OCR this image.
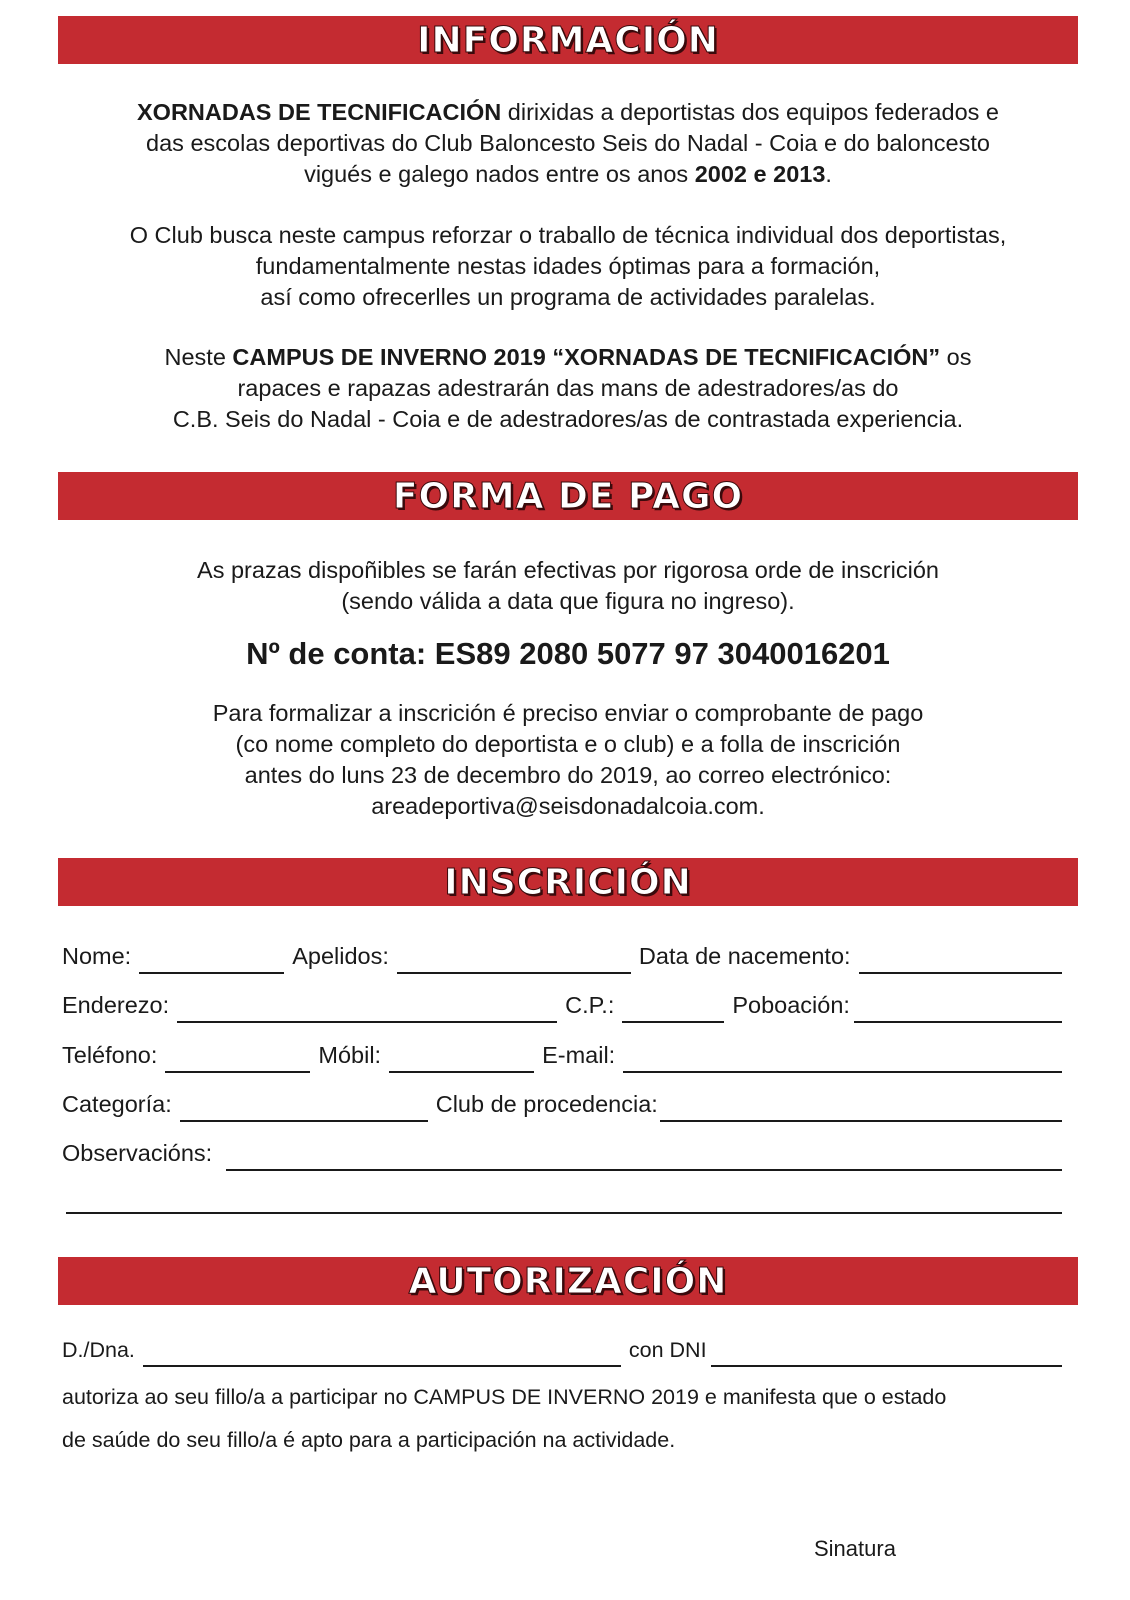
INFORMACIÓN
XORNADAS DE TECNIFICACIÓN dirixidas a deportistas dos equipos federados e
das escolas deportivas do Club Baloncesto Seis do Nadal - Coia e do baloncesto
vigués e galego nados entre os anos 2002 e 2013.
O Club busca neste campus reforzar o traballo de técnica individual dos deportistas,
fundamentalmente nestas idades óptimas para a formación,
así como ofrecerlles un programa de actividades paralelas.
Neste CAMPUS DE INVERNO 2019 “XORNADAS DE TECNIFICACIÓN” os
rapaces e rapazas adestrarán das mans de adestradores/as do
C.B. Seis do Nadal - Coia e de adestradores/as de contrastada experiencia.
FORMA DE PAGO
As prazas dispoñibles se farán efectivas por rigorosa orde de inscrición
(sendo válida a data que figura no ingreso).
Nº de conta: ES89 2080 5077 97 3040016201
Para formalizar a inscrición é preciso enviar o comprobante de pago
(co nome completo do deportista e o club) e a folla de inscrición
antes do luns 23 de decembro do 2019, ao correo electrónico:
areadeportiva@seisdonadalcoia.com.
INSCRICIÓN
Nome:	Apelidos:	Data de nacemento:
Enderezo:	C.P.:	Poboación:
Teléfono:	Móbil:	E-mail:
Categoría:	Club de procedencia:
Observacións:
AUTORIZACIÓN
D./Dna.	con DNI
autoriza ao seu fillo/a a participar no CAMPUS DE INVERNO 2019 e manifesta que o estado
de saúde do seu fillo/a é apto para a participación na actividade.
Sinatura
